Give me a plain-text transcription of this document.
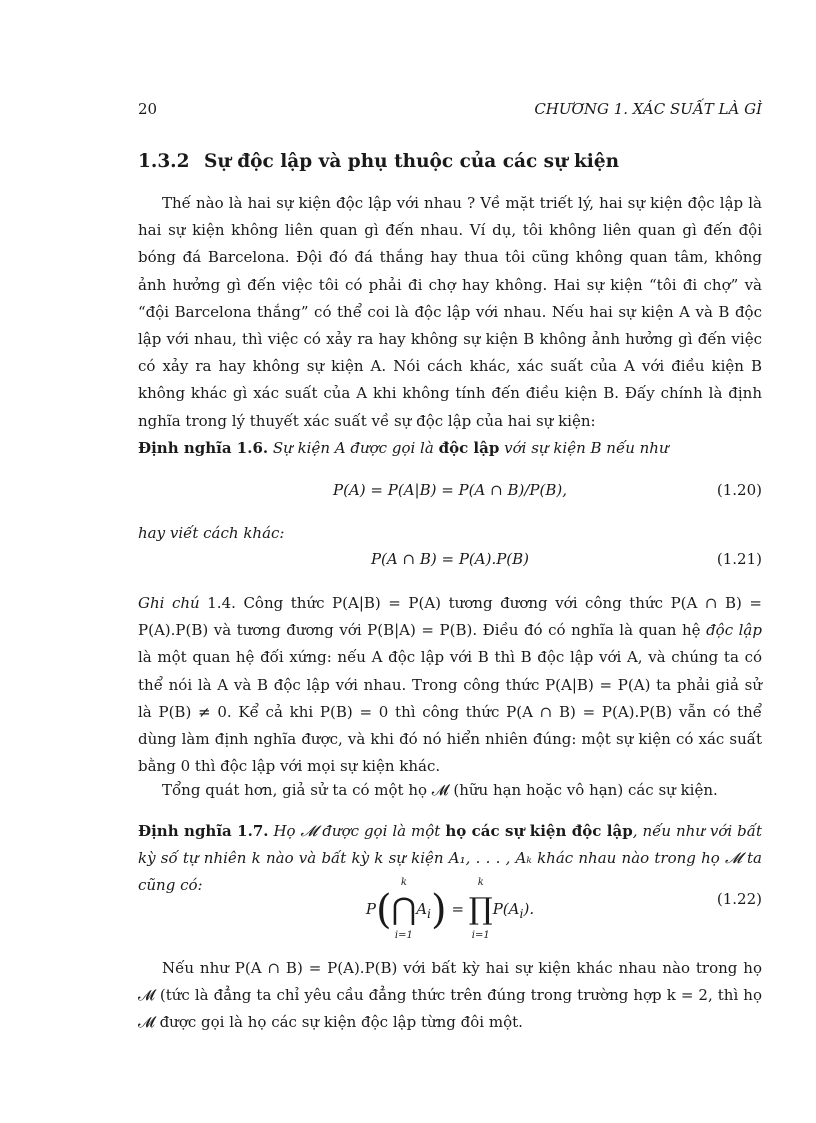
20	CHƯƠNG 1. XÁC SUẤT LÀ GÌ
1.3.2 Sự độc lập và phụ thuộc của các sự kiện

Thế nào là hai sự kiện độc lập với nhau ? Về mặt triết lý, hai sự kiện độc lập là hai sự kiện không liên quan gì đến nhau. Ví dụ, tôi không liên quan gì đến đội bóng đá Barcelona. Đội đó đá thắng hay thua tôi cũng không quan tâm, không ảnh hưởng gì đến việc tôi có phải đi chợ hay không. Hai sự kiện “tôi đi chợ” và “đội Barcelona thắng” có thể coi là độc lập với nhau. Nếu hai sự kiện A và B độc lập với nhau, thì việc có xảy ra hay không sự kiện B không ảnh hưởng gì đến việc có xảy ra hay không sự kiện A. Nói cách khác, xác suất của A với điều kiện B không khác gì xác suất của A khi không tính đến điều kiện B. Đấy chính là định nghĩa trong lý thuyết xác suất về sự độc lập của hai sự kiện:

Định nghĩa 1.6. Sự kiện A được gọi là độc lập với sự kiện B nếu như

P(A) = P(A|B) = P(A ∩ B)/P(B),	(1.20)

hay viết cách khác:

P(A ∩ B) = P(A).P(B)	(1.21)

Ghi chú 1.4. Công thức P(A|B) = P(A) tương đương với công thức P(A ∩ B) = P(A).P(B) và tương đương với P(B|A) = P(B). Điều đó có nghĩa là quan hệ độc lập là một quan hệ đối xứng: nếu A độc lập với B thì B độc lập với A, và chúng ta có thể nói là A và B độc lập với nhau. Trong công thức P(A|B) = P(A) ta phải giả sử là P(B) ≠ 0. Kể cả khi P(B) = 0 thì công thức P(A ∩ B) = P(A).P(B) vẫn có thể dùng làm định nghĩa được, và khi đó nó hiển nhiên đúng: một sự kiện có xác suất bằng 0 thì độc lập với mọi sự kiện khác.

Tổng quát hơn, giả sử ta có một họ 𝓜 (hữu hạn hoặc vô hạn) các sự kiện.

Định nghĩa 1.7. Họ 𝓜 được gọi là một họ các sự kiện độc lập, nếu như với bất kỳ số tự nhiên k nào và bất kỳ k sự kiện A₁, . . . , Aₖ khác nhau nào trong họ 𝓜 ta cũng có:

P(
k
⋂
i=1
$A_i$) =
k
∏
i=1
$P(A_i)$.
(1.22)

Nếu như P(A ∩ B) = P(A).P(B) với bất kỳ hai sự kiện khác nhau nào trong họ 𝓜 (tức là đẳng ta chỉ yêu cầu đẳng thức trên đúng trong trường hợp k = 2, thì họ 𝓜 được gọi là họ các sự kiện độc lập từng đôi một.
